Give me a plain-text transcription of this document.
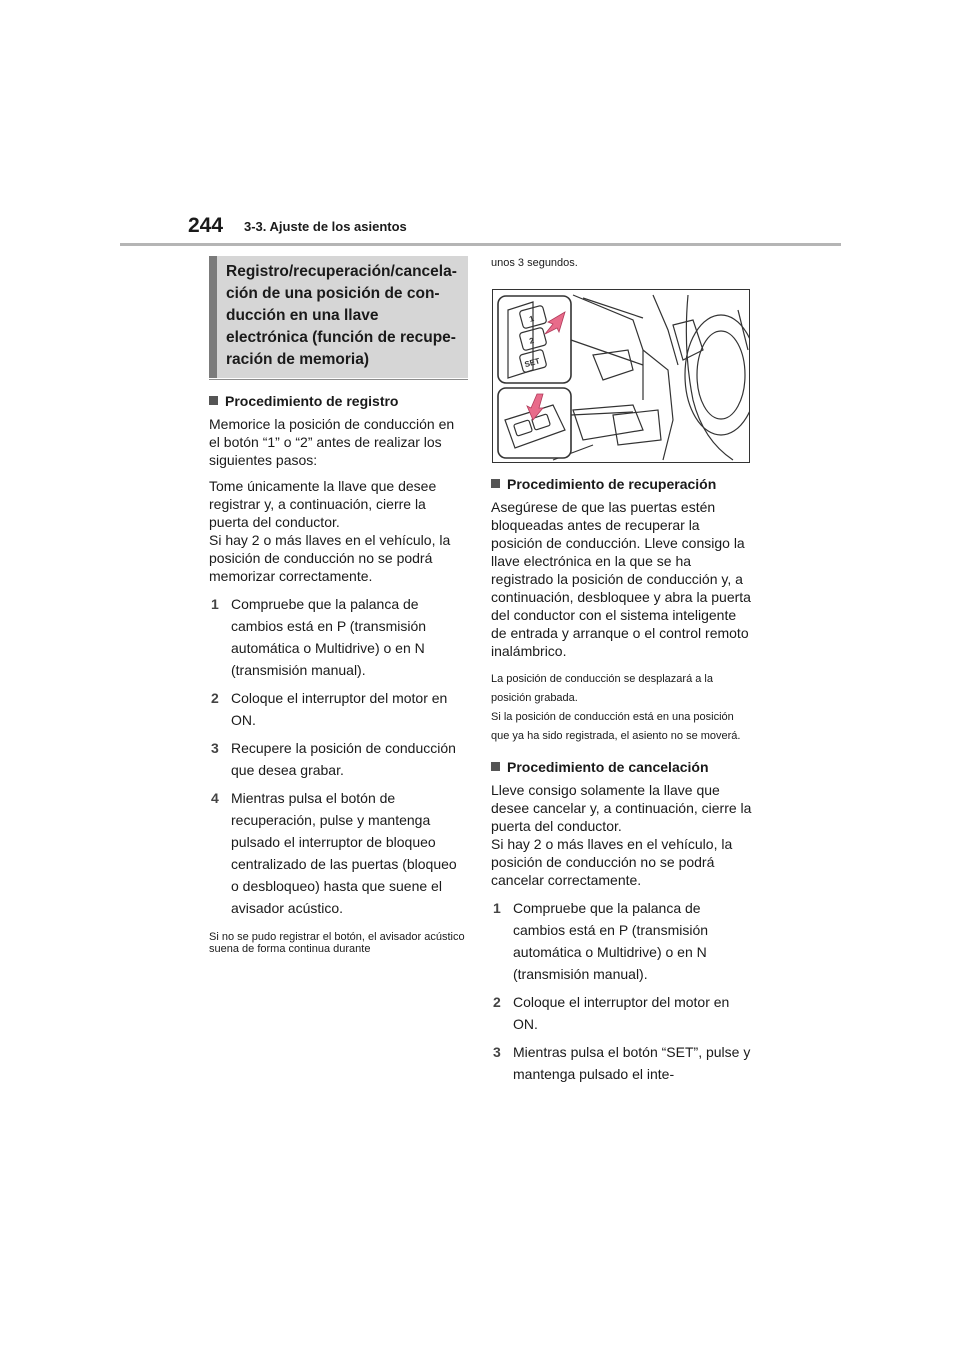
244 3-3. Ajuste de los asientos
Registro/recuperación/cancela-
ción de una posición de con-
ducción en una llave
electrónica (función de recupe-
ración de memoria)
Procedimiento de registro

Memorice la posición de conducción en el botón “1” o “2” antes de realizar los siguientes pasos:

Tome únicamente la llave que desee registrar y, a continuación, cierre la puerta del conductor.

Si hay 2 o más llaves en el vehículo, la posición de conducción no se podrá memorizar correctamente.

1 Compruebe que la palanca de cambios está en P (transmisión automática o Multidrive) o en N (transmisión manual).
2 Coloque el interruptor del motor en ON.
3 Recupere la posición de conducción que desea grabar.
4 Mientras pulsa el botón de recuperación, pulse y mantenga pulsado el interruptor de bloqueo centralizado de las puertas (bloqueo o desbloqueo) hasta que suene el avisador acústico.

Si no se pudo registrar el botón, el avisador acústico suena de forma continua durante

unos 3 segundos.

1
2
SET
Procedimiento de recuperación

Asegúrese de que las puertas estén bloqueadas antes de recuperar la posición de conducción. Lleve consigo la llave electrónica en la que se ha registrado la posición de conducción y, a continuación, desbloquee y abra la puerta del conductor con el sistema inteligente de entrada y arranque o el control remoto inalámbrico.

La posición de conducción se desplazará a la posición grabada.

Si la posición de conducción está en una posición que ya ha sido registrada, el asiento no se moverá.

Procedimiento de cancelación

Lleve consigo solamente la llave que desee cancelar y, a continuación, cierre la puerta del conductor.

Si hay 2 o más llaves en el vehículo, la posición de conducción no se podrá cancelar correctamente.

1 Compruebe que la palanca de cambios está en P (transmisión automática o Multidrive) o en N (transmisión manual).
2 Coloque el interruptor del motor en ON.
3 Mientras pulsa el botón “SET”, pulse y mantenga pulsado el inte-
